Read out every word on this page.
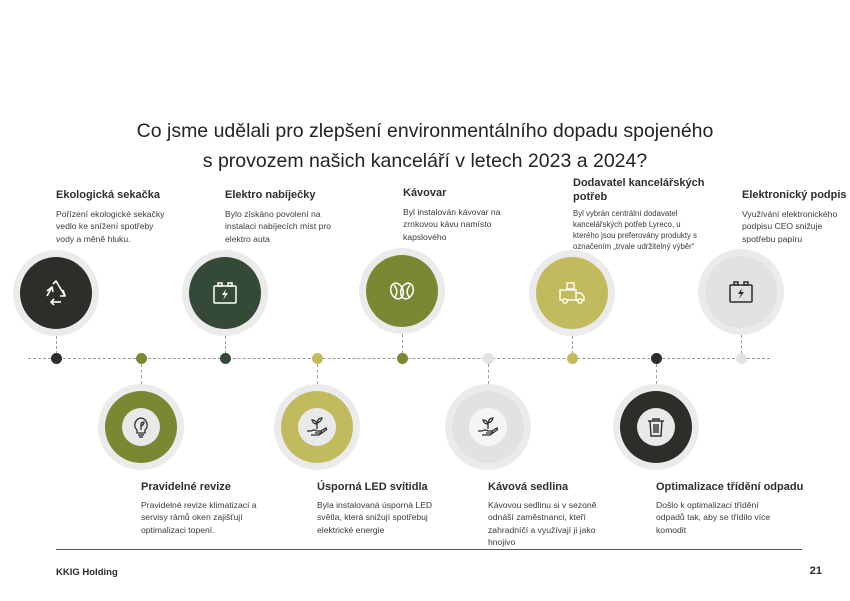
Co jsme udělali pro zlepšení environmentálního dopadu spojeného
s provozem našich kanceláří v letech 2023 a 2024?
Ekologická sekačka
Pořízení ekologické sekačky
vedlo ke snížení spotřeby
vody a měně hluku.
Elektro nabíječky
Bylo získáno povolení na
instalaci nabíjecích míst pro
elektro auta
Kávovar
Byl instalován kávovar na
zrnkovou kávu namísto
kapslového
Dodavatel kancelářských
potřeb
Byl vybrán centrální dodavatel
kancelářských potřeb Lyreco, u
kterého jsou preferovány produkty s
označením „trvale udržitelný výběr“
Elektronický podpis
Využívání elektronického
podpisu CEO snižuje
spotřebu papíru
Pravidelné revize
Pravidelné revize klimatizací a
servisy rámů oken zajišťují
optimalizaci topení.
Úsporná LED svítidla
Byla instalovaná úsporná LED
světla, která snižují spotřebuj
elektrické energie
Kávová sedlina
Kávovou sedlinu si v sezoně
odnáší zaměstnanci, kteří
zahradníčí a využívají ji jako
hnojivo
Optimalizace třídění odpadu
Došlo k optimalizaci třídění
odpadů tak, aby se třídilo více
komodit
KKIG Holding	21
